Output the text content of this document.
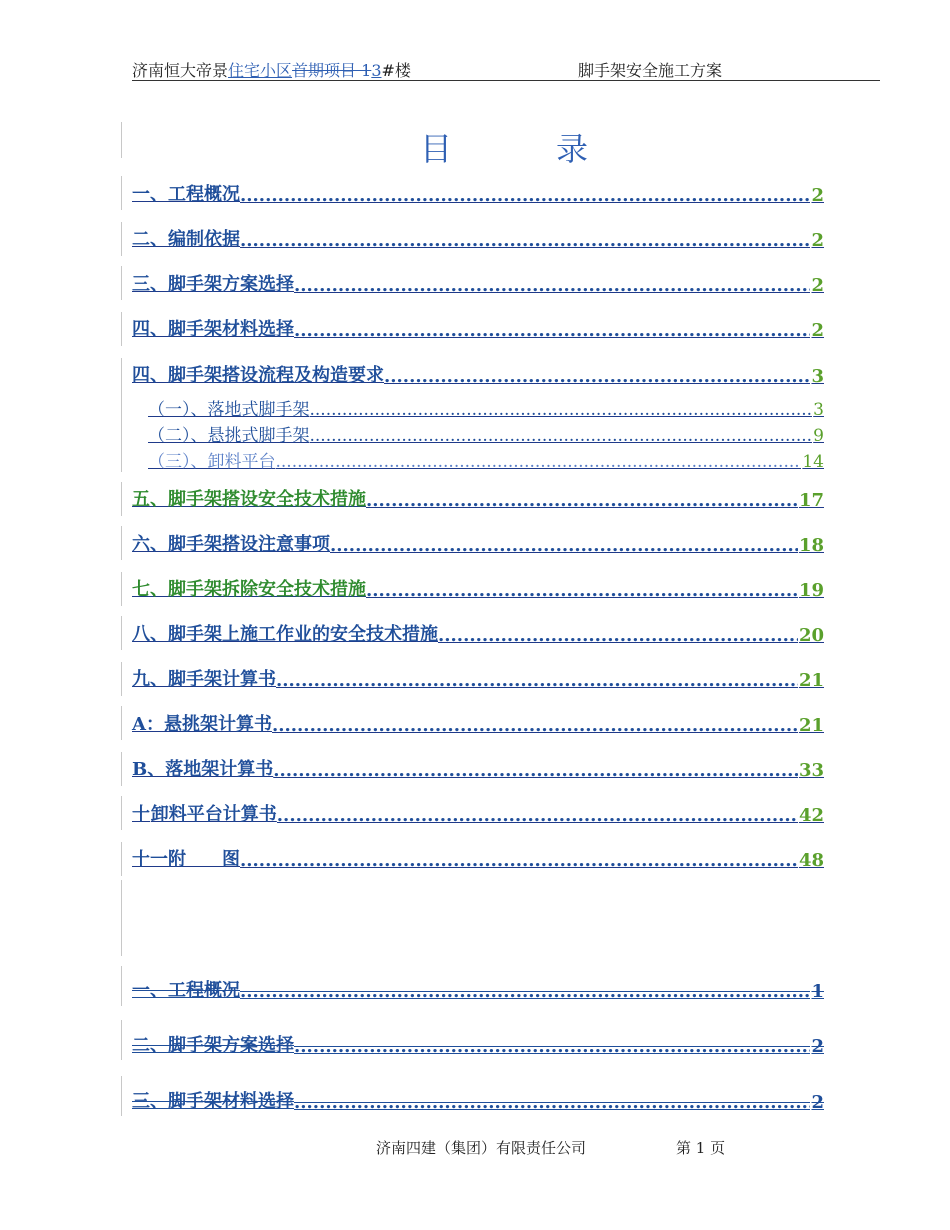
济南恒大帝景住宅小区首期项目 13#楼	脚手架安全施工方案
目	录
一、 工程概况 .....	2
二、 编制依据 .....	2
三、 脚手架方案选择 .....	2
四、 脚手架材料选择 .....	2
四、 脚手架搭设流程及构造要求 .....	3
（一）、落地式脚手架 .....	3
（二）、悬挑式脚手架 .....	9
（三）、卸料平台 .....	14
五、 脚手架搭设安全技术措施 .....	17
六、 脚手架搭设注意事项 .....	18
七、 脚手架拆除安全技术措施 .....	19
八、脚手架上施工作业的安全技术措施 .....	20
九、脚手架计算书 .....	21
A：悬挑架计算书 .....	21
B、落地架计算书 .....	33
十 卸料平台计算书 .....	42
十一 附　　图 .....	48
一、工程概况 .....	1
二、 脚手架方案选择 .....	2
三、 脚手架材料选择 .....	2
济南四建（集团）有限责任公司	第 1 页
